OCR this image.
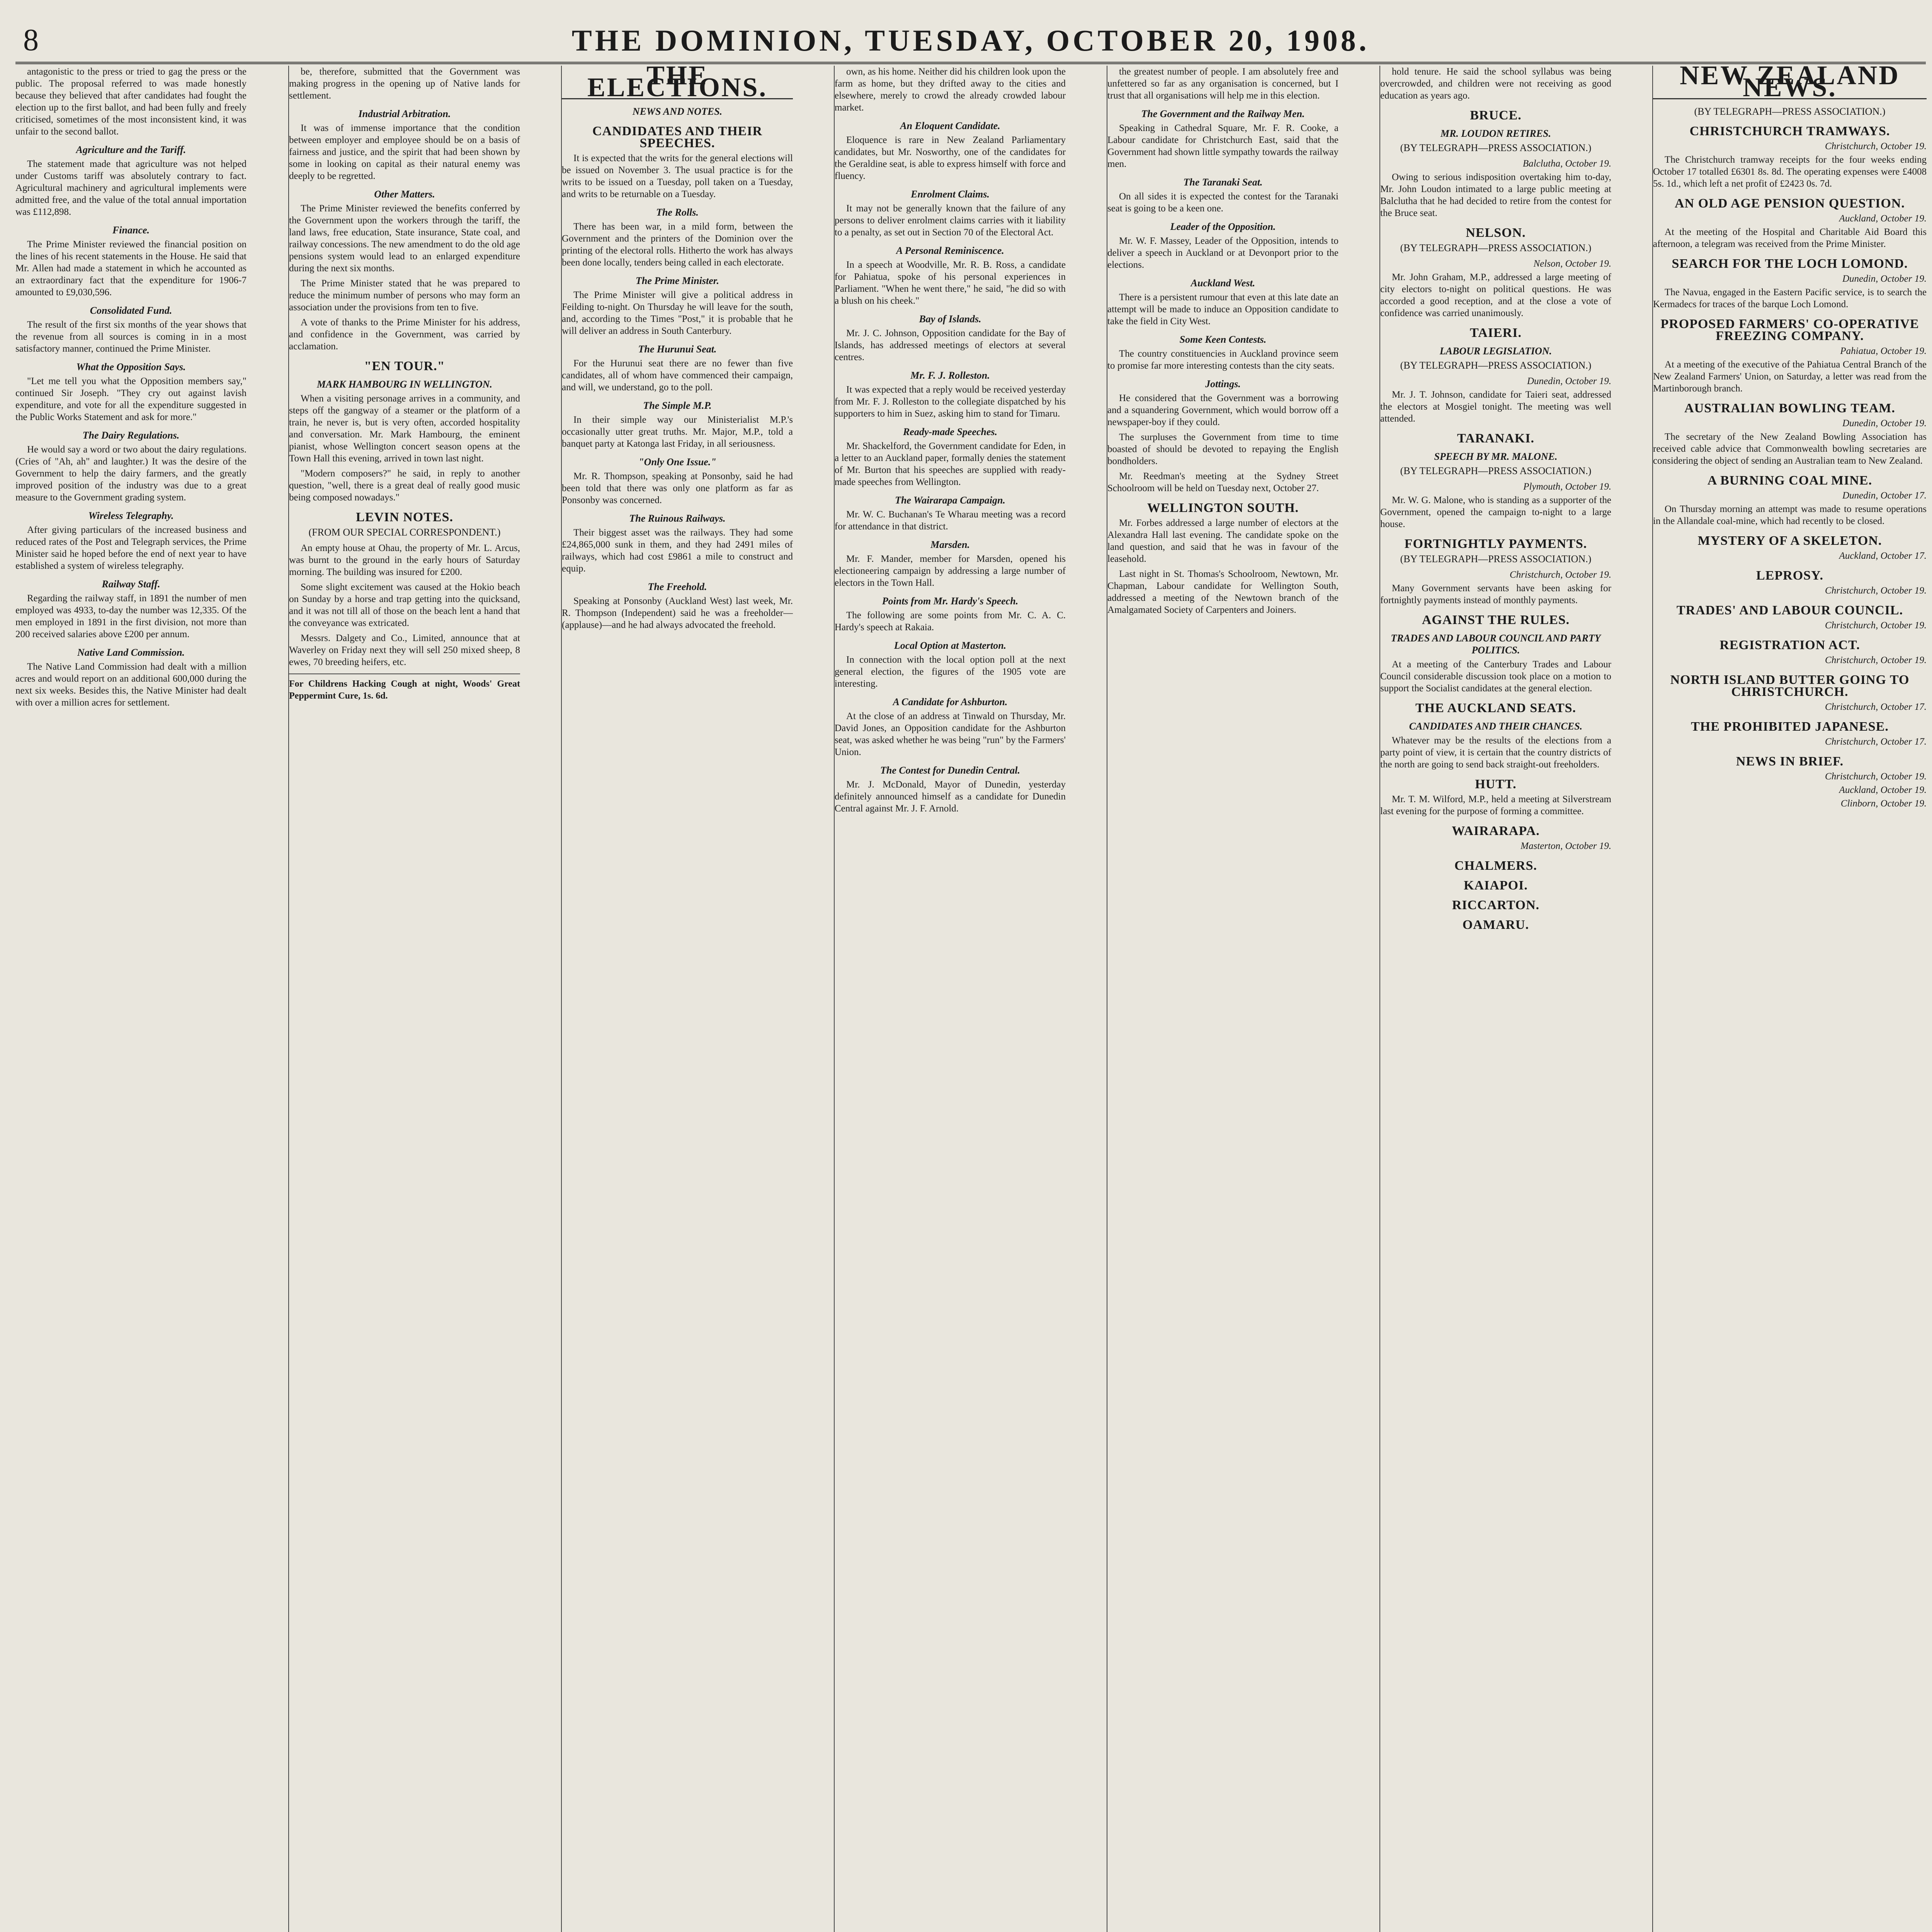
8	THE DOMINION, TUESDAY, OCTOBER 20, 1908.

antagonistic to the press or tried to gag the press or the public. The proposal referred to was made honestly because they believed that after candidates had fought the election up to the first ballot, and had been fully and freely criticised, sometimes of the most inconsistent kind, it was unfair to the second ballot.

Agriculture and the Tariff.

The statement made that agriculture was not helped under Customs tariff was absolutely contrary to fact. Agricultural machinery and agricultural implements were admitted free, and the value of the total annual importation was £112,898.

Finance.

The Prime Minister reviewed the financial position on the lines of his recent statements in the House. He said that Mr. Allen had made a statement in which he accounted as an extraordinary fact that the expenditure for 1906-7 amounted to £9,030,596.

Consolidated Fund.

The result of the first six months of the year shows that the revenue from all sources is coming in in a most satisfactory manner, continued the Prime Minister.

What the Opposition Says.

"Let me tell you what the Opposition members say," continued Sir Joseph. "They cry out against lavish expenditure, and vote for all the expenditure suggested in the Public Works Statement and ask for more."

The Dairy Regulations.

He would say a word or two about the dairy regulations. (Cries of "Ah, ah" and laughter.) It was the desire of the Government to help the dairy farmers, and the greatly improved position of the industry was due to a great measure to the Government grading system.

Wireless Telegraphy.

After giving particulars of the increased business and reduced rates of the Post and Telegraph services, the Prime Minister said he hoped before the end of next year to have established a system of wireless telegraphy.

Railway Staff.

Regarding the railway staff, in 1891 the number of men employed was 4933, to-day the number was 12,335. Of the men employed in 1891 in the first division, not more than 200 received salaries above £200 per annum.

Native Land Commission.

The Native Land Commission had dealt with a million acres and would report on an additional 600,000 during the next six weeks. Besides this, the Native Minister had dealt with over a million acres for settlement.

be, therefore, submitted that the Government was making progress in the opening up of Native lands for settlement.

Industrial Arbitration.

It was of immense importance that the condition between employer and employee should be on a basis of fairness and justice, and the spirit that had been shown by some in looking on capital as their natural enemy was deeply to be regretted.

Other Matters.

The Prime Minister reviewed the benefits conferred by the Government upon the workers through the tariff, the land laws, free education, State insurance, State coal, and railway concessions. The new amendment to do the old age pensions system would lead to an enlarged expenditure during the next six months.

The Prime Minister stated that he was prepared to reduce the minimum number of persons who may form an association under the provisions from ten to five.

A vote of thanks to the Prime Minister for his address, and confidence in the Government, was carried by acclamation.

"EN TOUR."
MARK HAMBOURG IN WELLINGTON.

When a visiting personage arrives in a community, and steps off the gangway of a steamer or the platform of a train, he never is, but is very often, accorded hospitality and conversation. Mr. Mark Hambourg, the eminent pianist, whose Wellington concert season opens at the Town Hall this evening, arrived in town last night.

"Modern composers?" he said, in reply to another question, "well, there is a great deal of really good music being composed nowadays."

LEVIN NOTES.
(FROM OUR SPECIAL CORRESPONDENT.)

An empty house at Ohau, the property of Mr. L. Arcus, was burnt to the ground in the early hours of Saturday morning. The building was insured for £200.

Some slight excitement was caused at the Hokio beach on Sunday by a horse and trap getting into the quicksand, and it was not till all of those on the beach lent a hand that the conveyance was extricated.

Messrs. Dalgety and Co., Limited, announce that at Waverley on Friday next they will sell 250 mixed sheep, 8 ewes, 70 breeding heifers, etc.

For Childrens Hacking Cough at night, Woods' Great Peppermint Cure, 1s. 6d.
THE ELECTIONS.
NEWS AND NOTES.
CANDIDATES AND THEIR SPEECHES.

It is expected that the writs for the general elections will be issued on November 3. The usual practice is for the writs to be issued on a Tuesday, poll taken on a Tuesday, and writs to be returnable on a Tuesday.

The Rolls.

There has been war, in a mild form, between the Government and the printers of the Dominion over the printing of the electoral rolls. Hitherto the work has always been done locally, tenders being called in each electorate.

The Prime Minister.

The Prime Minister will give a political address in Feilding to-night. On Thursday he will leave for the south, and, according to the Times "Post," it is probable that he will deliver an address in South Canterbury.

The Hurunui Seat.

For the Hurunui seat there are no fewer than five candidates, all of whom have commenced their campaign, and will, we understand, go to the poll.

The Simple M.P.

In their simple way our Ministerialist M.P.'s occasionally utter great truths. Mr. Major, M.P., told a banquet party at Katonga last Friday, in all seriousness.

"Only One Issue."

Mr. R. Thompson, speaking at Ponsonby, said he had been told that there was only one platform as far as Ponsonby was concerned.

The Ruinous Railways.

Their biggest asset was the railways. They had some £24,865,000 sunk in them, and they had 2491 miles of railways, which had cost £9861 a mile to construct and equip.

The Freehold.

Speaking at Ponsonby (Auckland West) last week, Mr. R. Thompson (Independent) said he was a freeholder—(applause)—and he had always advocated the freehold.

own, as his home. Neither did his children look upon the farm as home, but they drifted away to the cities and elsewhere, merely to crowd the already crowded labour market.

An Eloquent Candidate.

Eloquence is rare in New Zealand Parliamentary candidates, but Mr. Nosworthy, one of the candidates for the Geraldine seat, is able to express himself with force and fluency.

Enrolment Claims.

It may not be generally known that the failure of any persons to deliver enrolment claims carries with it liability to a penalty, as set out in Section 70 of the Electoral Act.

A Personal Reminiscence.

In a speech at Woodville, Mr. R. B. Ross, a candidate for Pahiatua, spoke of his personal experiences in Parliament. "When he went there," he said, "he did so with a blush on his cheek."

Bay of Islands.

Mr. J. C. Johnson, Opposition candidate for the Bay of Islands, has addressed meetings of electors at several centres.

Mr. F. J. Rolleston.

It was expected that a reply would be received yesterday from Mr. F. J. Rolleston to the collegiate dispatched by his supporters to him in Suez, asking him to stand for Timaru.

Ready-made Speeches.

Mr. Shackelford, the Government candidate for Eden, in a letter to an Auckland paper, formally denies the statement of Mr. Burton that his speeches are supplied with ready-made speeches from Wellington.

The Wairarapa Campaign.

Mr. W. C. Buchanan's Te Wharau meeting was a record for attendance in that district.

Marsden.

Mr. F. Mander, member for Marsden, opened his electioneering campaign by addressing a large number of electors in the Town Hall.

Points from Mr. Hardy's Speech.

The following are some points from Mr. C. A. C. Hardy's speech at Rakaia.

Local Option at Masterton.

In connection with the local option poll at the next general election, the figures of the 1905 vote are interesting.

A Candidate for Ashburton.

At the close of an address at Tinwald on Thursday, Mr. David Jones, an Opposition candidate for the Ashburton seat, was asked whether he was being "run" by the Farmers' Union.

The Contest for Dunedin Central.

Mr. J. McDonald, Mayor of Dunedin, yesterday definitely announced himself as a candidate for Dunedin Central against Mr. J. F. Arnold.

the greatest number of people. I am absolutely free and unfettered so far as any organisation is concerned, but I trust that all organisations will help me in this election.

The Government and the Railway Men.

Speaking in Cathedral Square, Mr. F. R. Cooke, a Labour candidate for Christchurch East, said that the Government had shown little sympathy towards the railway men.

The Taranaki Seat.

On all sides it is expected the contest for the Taranaki seat is going to be a keen one.

Leader of the Opposition.

Mr. W. F. Massey, Leader of the Opposition, intends to deliver a speech in Auckland or at Devonport prior to the elections.

Auckland West.

There is a persistent rumour that even at this late date an attempt will be made to induce an Opposition candidate to take the field in City West.

Some Keen Contests.

The country constituencies in Auckland province seem to promise far more interesting contests than the city seats.

Jottings.

He considered that the Government was a borrowing and a squandering Government, which would borrow off a newspaper-boy if they could.

The surpluses the Government from time to time boasted of should be devoted to repaying the English bondholders.

Mr. Reedman's meeting at the Sydney Street Schoolroom will be held on Tuesday next, October 27.

WELLINGTON SOUTH.

Mr. Forbes addressed a large number of electors at the Alexandra Hall last evening. The candidate spoke on the land question, and said that he was in favour of the leasehold.

Last night in St. Thomas's Schoolroom, Newtown, Mr. Chapman, Labour candidate for Wellington South, addressed a meeting of the Newtown branch of the Amalgamated Society of Carpenters and Joiners.

hold tenure. He said the school syllabus was being overcrowded, and children were not receiving as good education as years ago.

BRUCE.
MR. LOUDON RETIRES.
(BY TELEGRAPH—PRESS ASSOCIATION.)
Balclutha, October 19.

Owing to serious indisposition overtaking him to-day, Mr. John Loudon intimated to a large public meeting at Balclutha that he had decided to retire from the contest for the Bruce seat.

NELSON.
(BY TELEGRAPH—PRESS ASSOCIATION.)
Nelson, October 19.

Mr. John Graham, M.P., addressed a large meeting of city electors to-night on political questions. He was accorded a good reception, and at the close a vote of confidence was carried unanimously.

TAIERI.
LABOUR LEGISLATION.
(BY TELEGRAPH—PRESS ASSOCIATION.)
Dunedin, October 19.

Mr. J. T. Johnson, candidate for Taieri seat, addressed the electors at Mosgiel tonight. The meeting was well attended.

TARANAKI.
SPEECH BY MR. MALONE.
(BY TELEGRAPH—PRESS ASSOCIATION.)
Plymouth, October 19.

Mr. W. G. Malone, who is standing as a supporter of the Government, opened the campaign to-night to a large house.

FORTNIGHTLY PAYMENTS.
(BY TELEGRAPH—PRESS ASSOCIATION.)
Christchurch, October 19.

Many Government servants have been asking for fortnightly payments instead of monthly payments.

AGAINST THE RULES.
TRADES AND LABOUR COUNCIL AND PARTY POLITICS.

At a meeting of the Canterbury Trades and Labour Council considerable discussion took place on a motion to support the Socialist candidates at the general election.

THE AUCKLAND SEATS.
CANDIDATES AND THEIR CHANCES.

Whatever may be the results of the elections from a party point of view, it is certain that the country districts of the north are going to send back straight-out freeholders.

HUTT.

Mr. T. M. Wilford, M.P., held a meeting at Silverstream last evening for the purpose of forming a committee.

WAIRARAPA.
Masterton, October 19.
CHALMERS.
KAIAPOI.
RICCARTON.
OAMARU.
NEW ZEALAND NEWS.
(BY TELEGRAPH—PRESS ASSOCIATION.)
CHRISTCHURCH TRAMWAYS.
Christchurch, October 19.

The Christchurch tramway receipts for the four weeks ending October 17 totalled £6301 8s. 8d. The operating expenses were £4008 5s. 1d., which left a net profit of £2423 0s. 7d.

AN OLD AGE PENSION QUESTION.
Auckland, October 19.

At the meeting of the Hospital and Charitable Aid Board this afternoon, a telegram was received from the Prime Minister.

SEARCH FOR THE LOCH LOMOND.
Dunedin, October 19.

The Navua, engaged in the Eastern Pacific service, is to search the Kermadecs for traces of the barque Loch Lomond.

PROPOSED FARMERS' CO-OPERATIVE FREEZING COMPANY.
Pahiatua, October 19.

At a meeting of the executive of the Pahiatua Central Branch of the New Zealand Farmers' Union, on Saturday, a letter was read from the Martinborough branch.

AUSTRALIAN BOWLING TEAM.
Dunedin, October 19.

The secretary of the New Zealand Bowling Association has received cable advice that Commonwealth bowling secretaries are considering the object of sending an Australian team to New Zealand.

A BURNING COAL MINE.
Dunedin, October 17.

On Thursday morning an attempt was made to resume operations in the Allandale coal-mine, which had recently to be closed.

MYSTERY OF A SKELETON.
Auckland, October 17.
LEPROSY.
Christchurch, October 19.
TRADES' AND LABOUR COUNCIL.
Christchurch, October 19.
REGISTRATION ACT.
Christchurch, October 19.
NORTH ISLAND BUTTER GOING TO CHRISTCHURCH.
Christchurch, October 17.
THE PROHIBITED JAPANESE.
Christchurch, October 17.
NEWS IN BRIEF.
Christchurch, October 19.
Auckland, October 19.
Clinborn, October 19.
